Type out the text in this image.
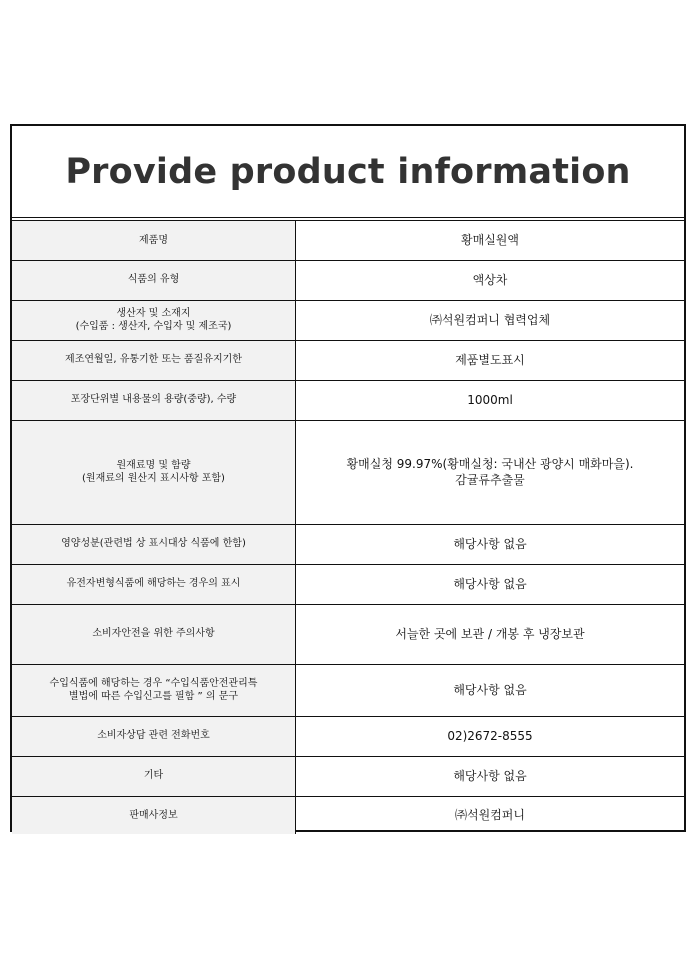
Provide product information
제품명	황매실원액
식품의 유형	액상차
생산자 및 소재지
(수입품 : 생산자, 수입자 및 제조국)	㈜석원컴퍼니 협력업체
제조연월일, 유통기한 또는 품질유지기한	제품별도표시
포장단위별 내용물의 용량(중량), 수량	1000ml
원재료명 및 함량
(원재료의 원산지 표시사항 포함)	황매실청 99.97%(황매실청: 국내산 광양시 매화마을).
감귤류추출물
영양성분(관련법 상 표시대상 식품에 한함)	해당사항 없음
유전자변형식품에 해당하는 경우의 표시	해당사항 없음
소비자안전을 위한 주의사항	서늘한 곳에 보관 / 개봉 후 냉장보관
수입식품에 해당하는 경우 “수입식품안전관리특
별법에 따른 수입신고를 필함 ” 의 문구	해당사항 없음
소비자상담 관련 전화번호	02)2672-8555
기타	해당사항 없음
판매사정보	㈜석원컴퍼니
